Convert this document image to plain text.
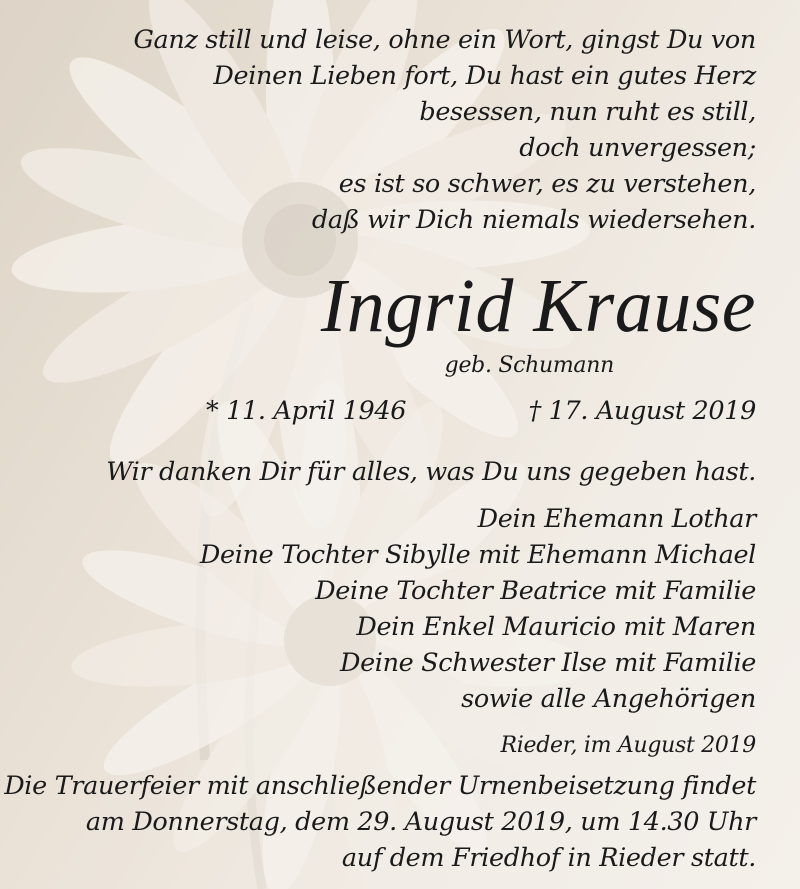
Ganz still und leise, ohne ein Wort, gingst Du von
Deinen Lieben fort, Du hast ein gutes Herz
besessen, nun ruht es still,
doch unvergessen;
es ist so schwer, es zu verstehen,
daß wir Dich niemals wiedersehen.
Ingrid Krause
geb. Schumann
* 11. April 1946	† 17. August 2019
Wir danken Dir für alles, was Du uns gegeben hast.
Dein Ehemann Lothar
Deine Tochter Sibylle mit Ehemann Michael
Deine Tochter Beatrice mit Familie
Dein Enkel Mauricio mit Maren
Deine Schwester Ilse mit Familie
sowie alle Angehörigen
Rieder, im August 2019
Die Trauerfeier mit anschließender Urnenbeisetzung findet
am Donnerstag, dem 29. August 2019, um 14.30 Uhr
auf dem Friedhof in Rieder statt.
